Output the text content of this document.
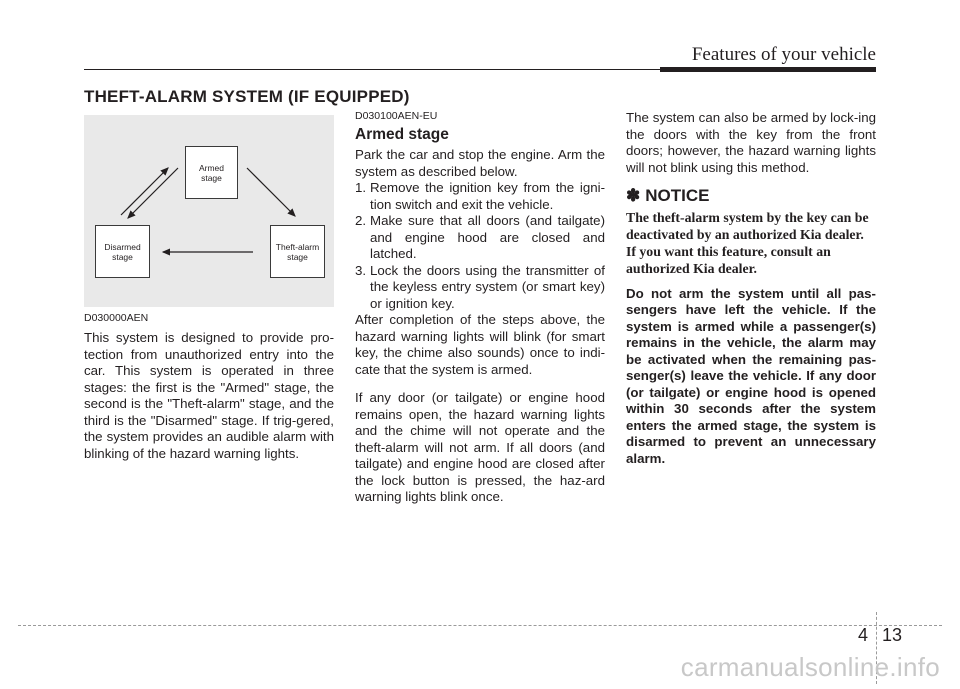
Features of your vehicle
THEFT-ALARM SYSTEM (IF EQUIPPED)
Armed
stage
Disarmed
stage
Theft-alarm
stage

D030000AEN

This system is designed to provide pro-tection from unauthorized entry into the car. This system is operated in three stages: the first is the "Armed" stage, the second is the "Theft-alarm" stage, and the third is the "Disarmed" stage. If trig-gered, the system provides an audible alarm with blinking of the hazard warning lights.

D030100AEN-EU

Armed stage

Park the car and stop the engine. Arm the system as described below.

1. Remove the ignition key from the igni-tion switch and exit the vehicle.
2. Make sure that all doors (and tailgate) and engine hood are closed and latched.
3. Lock the doors using the transmitter of the keyless entry system (or smart key) or ignition key.

After completion of the steps above, the hazard warning lights will blink (for smart key, the chime also sounds) once to indi-cate that the system is armed.

If any door (or tailgate) or engine hood remains open, the hazard warning lights and the chime will not operate and the theft-alarm will not arm. If all doors (and tailgate) and engine hood are closed after the lock button is pressed, the haz-ard warning lights blink once.

The system can also be armed by lock-ing the doors with the key from the front doors; however, the hazard warning lights will not blink using this method.

✽ NOTICE

The theft-alarm system by the key can be deactivated by an authorized Kia dealer.

If you want this feature, consult an authorized Kia dealer.

Do not arm the system until all pas-sengers have left the vehicle. If the system is armed while a passenger(s) remains in the vehicle, the alarm may be activated when the remaining pas-senger(s) leave the vehicle. If any door (or tailgate) or engine hood is opened within 30 seconds after the system enters the armed stage, the system is disarmed to prevent an unnecessary alarm.

4 13
carmanualsonline.info
